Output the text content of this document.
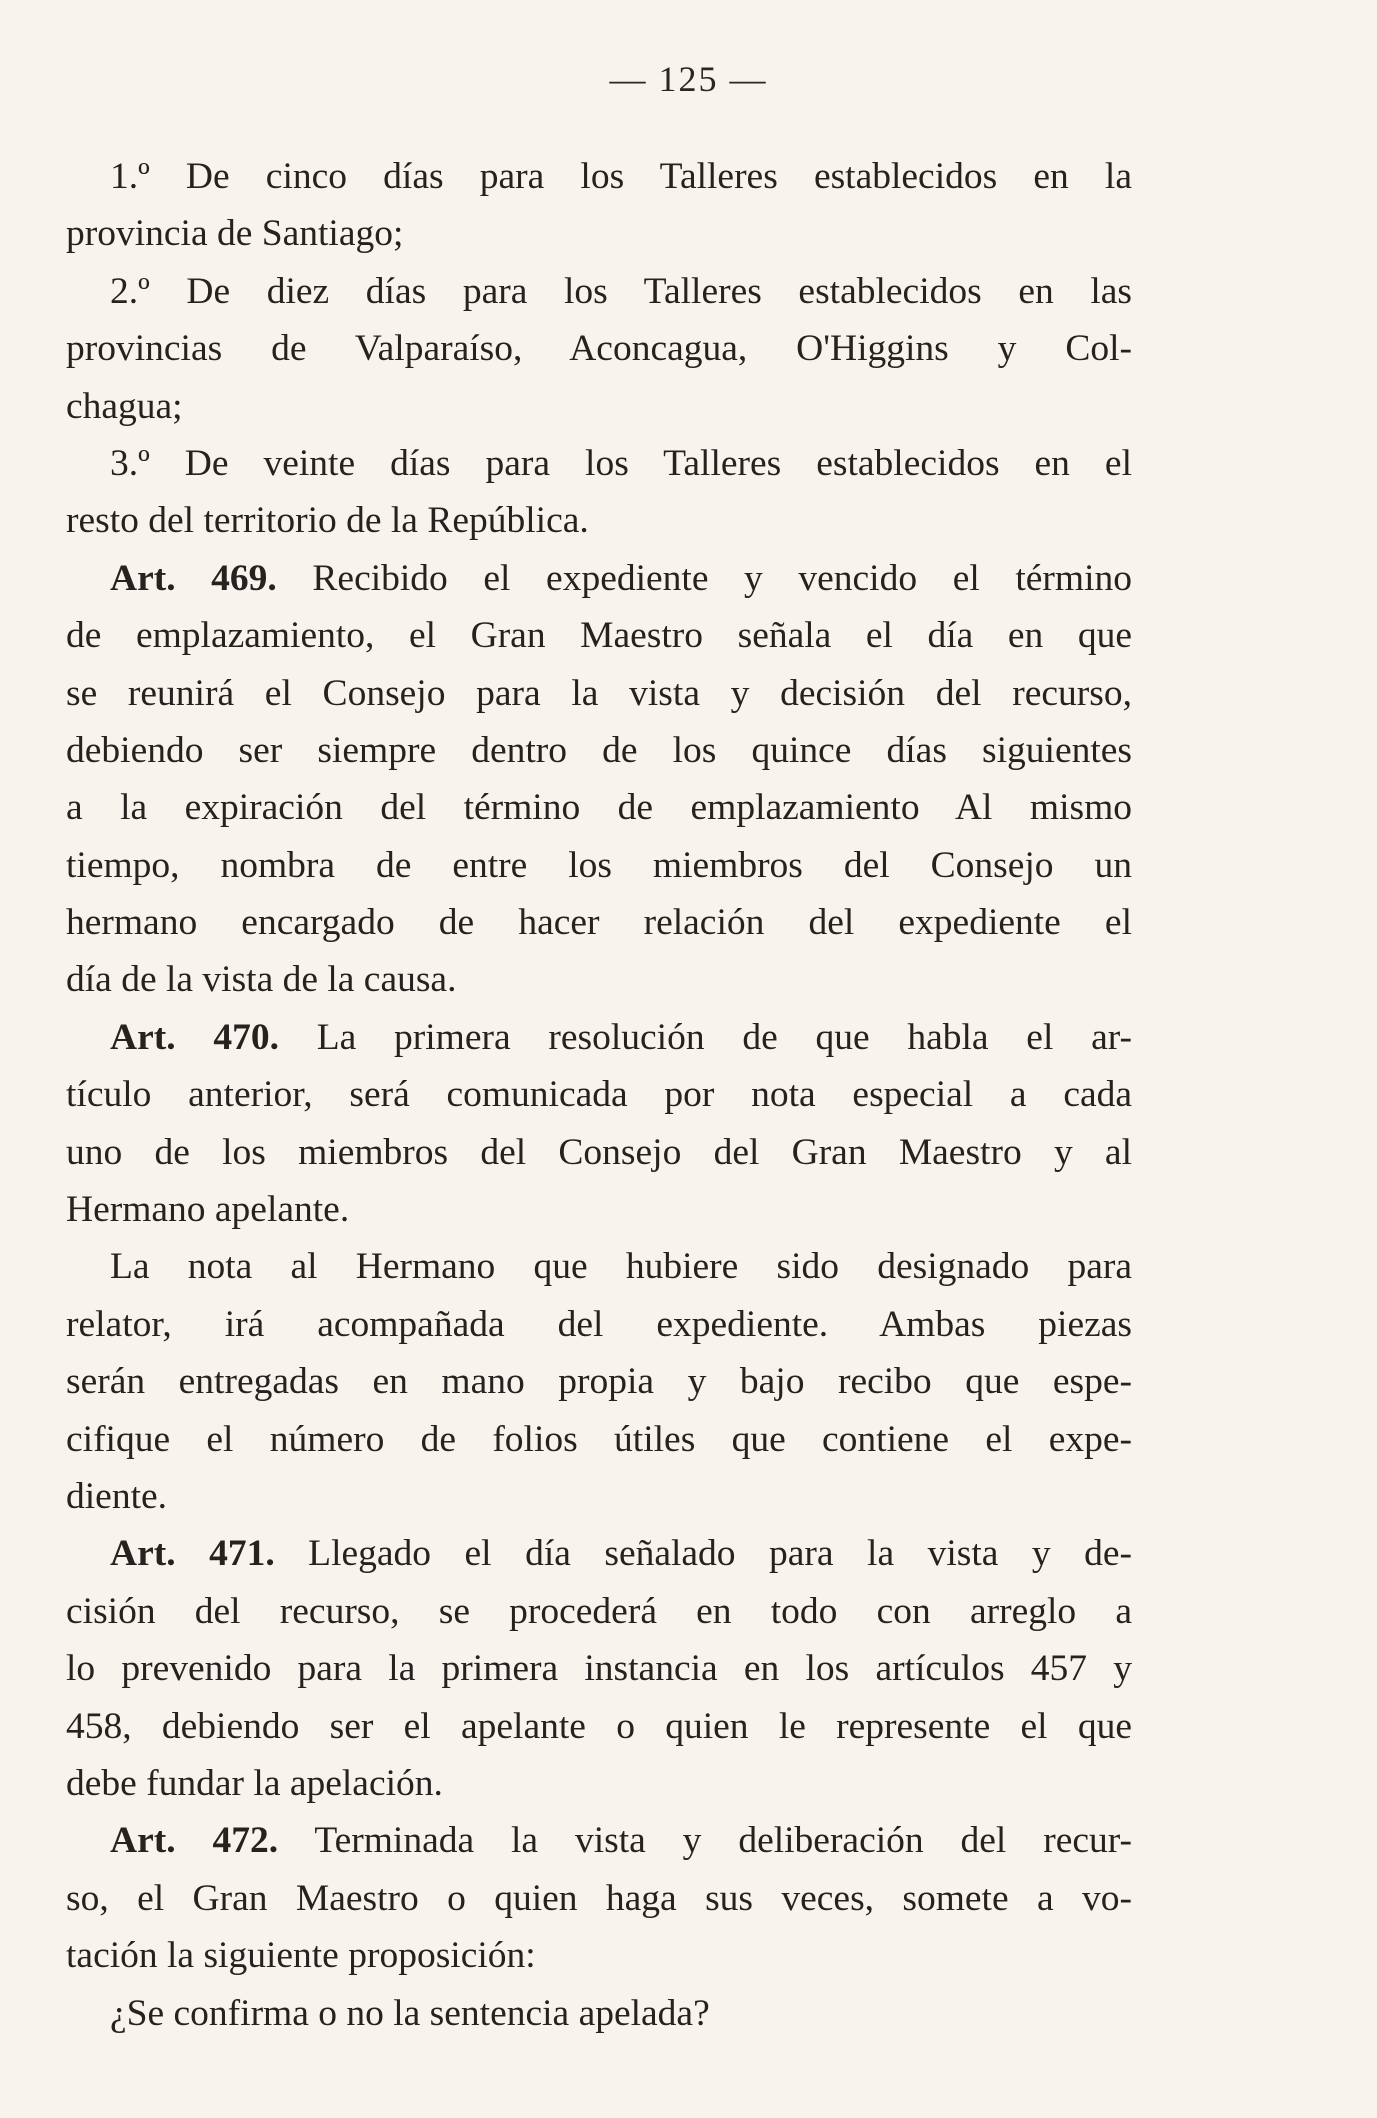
— 125 —
1.º De cinco días para los Talleres establecidos en la
provincia de Santiago;
2.º De diez días para los Talleres establecidos en las
provincias de Valparaíso, Aconcagua, O'Higgins y Col-
chagua;
3.º De veinte días para los Talleres establecidos en el
resto del territorio de la República.
Art. 469. Recibido el expediente y vencido el término
de emplazamiento, el Gran Maestro señala el día en que
se reunirá el Consejo para la vista y decisión del recurso,
debiendo ser siempre dentro de los quince días siguientes
a la expiración del término de emplazamiento Al mismo
tiempo, nombra de entre los miembros del Consejo un
hermano encargado de hacer relación del expediente el
día de la vista de la causa.
Art. 470. La primera resolución de que habla el ar-
tículo anterior, será comunicada por nota especial a cada
uno de los miembros del Consejo del Gran Maestro y al
Hermano apelante.
La nota al Hermano que hubiere sido designado para
relator, irá acompañada del expediente. Ambas piezas
serán entregadas en mano propia y bajo recibo que espe-
cifique el número de folios útiles que contiene el expe-
diente.
Art. 471. Llegado el día señalado para la vista y de-
cisión del recurso, se procederá en todo con arreglo a
lo prevenido para la primera instancia en los artículos 457 y
458, debiendo ser el apelante o quien le represente el que
debe fundar la apelación.
Art. 472. Terminada la vista y deliberación del recur-
so, el Gran Maestro o quien haga sus veces, somete a vo-
tación la siguiente proposición:
¿Se confirma o no la sentencia apelada?
